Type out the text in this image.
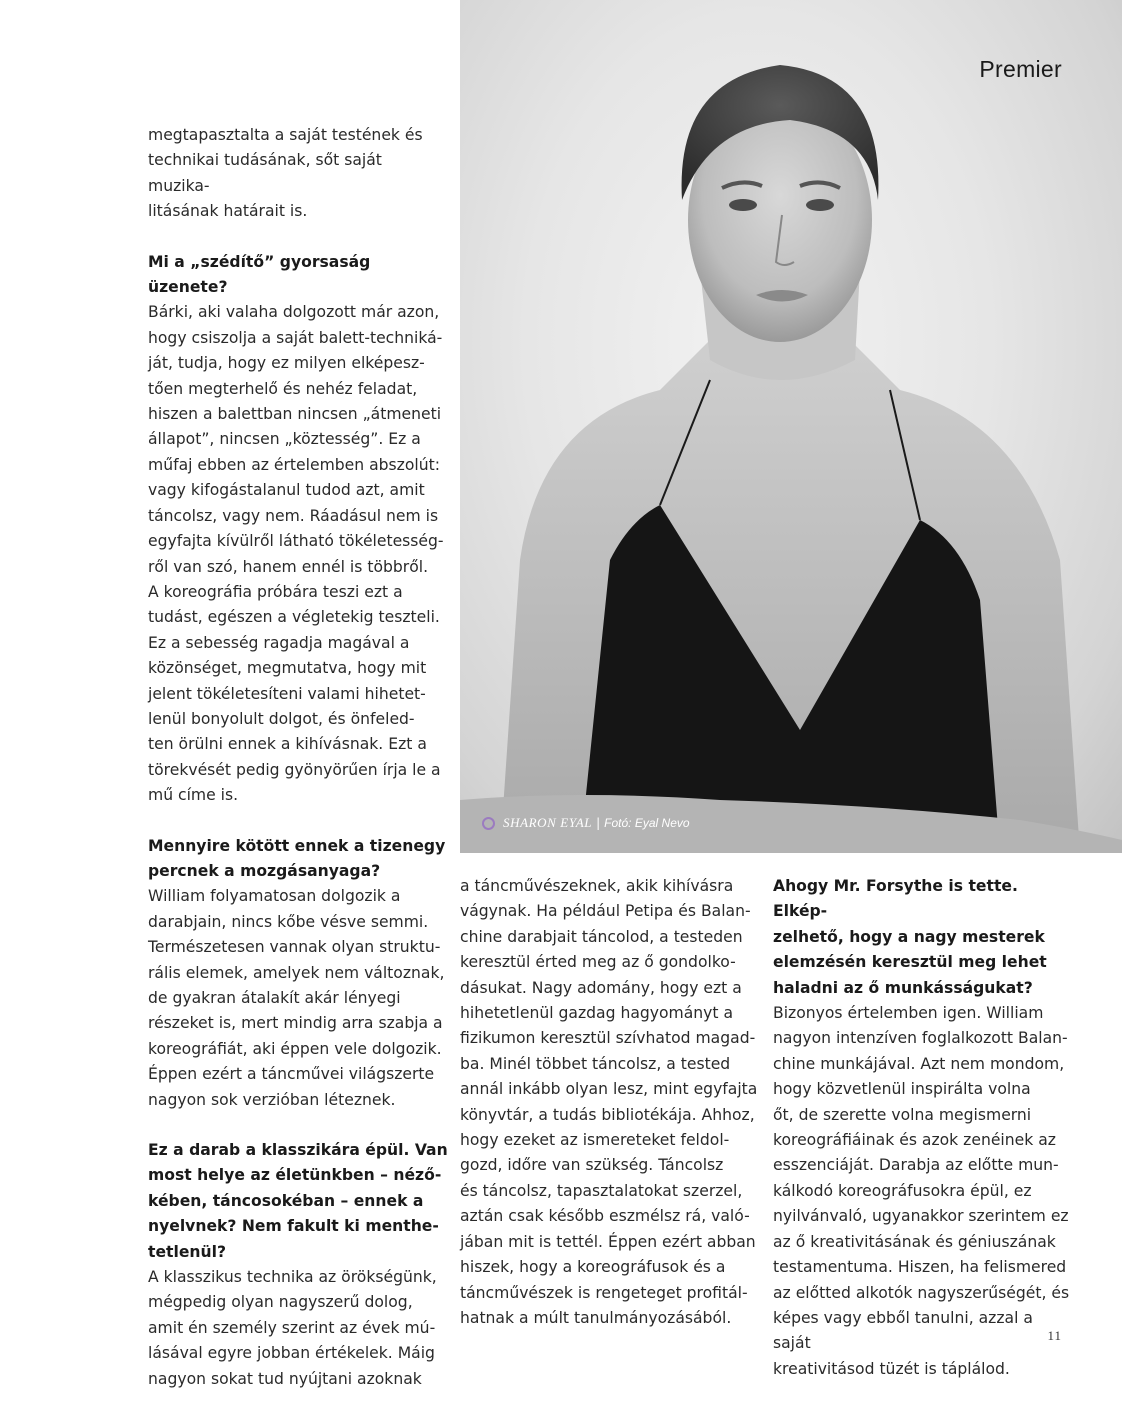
Premier
SHARON EYAL | Fotó: Eyal Nevo

megtapasztalta a saját testének és
technikai tudásának, sőt saját muzika-
litásának határait is.

Mi a „szédítő” gyorsaság üzenete?

Bárki, aki valaha dolgozott már azon,
hogy csiszolja a saját balett-techniká-
ját, tudja, hogy ez milyen elképesz-
tően megterhelő és nehéz feladat,
hiszen a balettban nincsen „átmeneti
állapot”, nincsen „köztesség”. Ez a
műfaj ebben az értelemben abszolút:
vagy kifogástalanul tudod azt, amit
táncolsz, vagy nem. Ráadásul nem is
egyfajta kívülről látható tökéletesség-
ről van szó, hanem ennél is többről.
A koreográfia próbára teszi ezt a
tudást, egészen a végletekig teszteli.
Ez a sebesség ragadja magával a
közönséget, megmutatva, hogy mit
jelent tökéletesíteni valami hihetet-
lenül bonyolult dolgot, és önfeled-
ten örülni ennek a kihívásnak. Ezt a
törekvését pedig gyönyörűen írja le a
mű címe is.

Mennyire kötött ennek a tizenegy
percnek a mozgásanyaga?

William folyamatosan dolgozik a
darabjain, nincs kőbe vésve semmi.
Természetesen vannak olyan struktu-
rális elemek, amelyek nem változnak,
de gyakran átalakít akár lényegi
részeket is, mert mindig arra szabja a
koreográfiát, aki éppen vele dolgozik.
Éppen ezért a táncművei világszerte
nagyon sok verzióban léteznek.

Ez a darab a klasszikára épül. Van
most helye az életünkben – néző-
kében, táncosokéban – ennek a
nyelvnek? Nem fakult ki menthe-
tetlenül?

A klasszikus technika az örökségünk,
mégpedig olyan nagyszerű dolog,
amit én személy szerint az évek mú-
lásával egyre jobban értékelek. Máig
nagyon sokat tud nyújtani azoknak

a táncművészeknek, akik kihívásra
vágynak. Ha például Petipa és Balan-
chine darabjait táncolod, a testeden
keresztül érted meg az ő gondolko-
dásukat. Nagy adomány, hogy ezt a
hihetetlenül gazdag hagyományt a
fizikumon keresztül szívhatod magad-
ba. Minél többet táncolsz, a tested
annál inkább olyan lesz, mint egyfajta
könyvtár, a tudás bibliotékája. Ahhoz,
hogy ezeket az ismereteket feldol-
gozd, időre van szükség. Táncolsz
és táncolsz, tapasztalatokat szerzel,
aztán csak később eszmélsz rá, való-
jában mit is tettél. Éppen ezért abban
hiszek, hogy a koreográfusok és a
táncművészek is rengeteget profitál-
hatnak a múlt tanulmányozásából.

Ahogy Mr. Forsythe is tette. Elkép-
zelhető, hogy a nagy mesterek
elemzésén keresztül meg lehet
haladni az ő munkásságukat?

Bizonyos értelemben igen. William
nagyon intenzíven foglalkozott Balan-
chine munkájával. Azt nem mondom,
hogy közvetlenül inspirálta volna
őt, de szerette volna megismerni
koreográfiáinak és azok zenéinek az
esszenciáját. Darabja az előtte mun-
kálkodó koreográfusokra épül, ez
nyilvánvaló, ugyanakkor szerintem ez
az ő kreativitásának és géniuszának
testamentuma. Hiszen, ha felismered
az előtted alkotók nagyszerűségét, és
képes vagy ebből tanulni, azzal a saját
kreativitásod tüzét is táplálod.

11
